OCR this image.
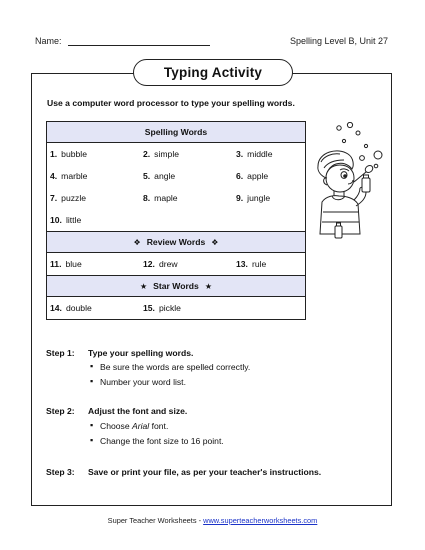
Name:	Spelling Level B, Unit 27
Typing Activity
Use a computer word processor to type your spelling words.
Spelling Words

1. bubble	2. simple	3. middle
4. marble	5. angle	6. apple
7. puzzle	8. maple	9. jungle
10. little

❖ Review Words ❖

11. blue	12. drew	13. rule

★ Star Words ★

14. double	15. pickle
Step 1: Type your spelling words.
▪ Be sure the words are spelled correctly.
▪ Number your word list.
Step 2: Adjust the font and size.
▪ Choose Arial font.
▪ Change the font size to 16 point.
Step 3: Save or print your file, as per your teacher's instructions.
Super Teacher Worksheets - www.superteacherworksheets.com
